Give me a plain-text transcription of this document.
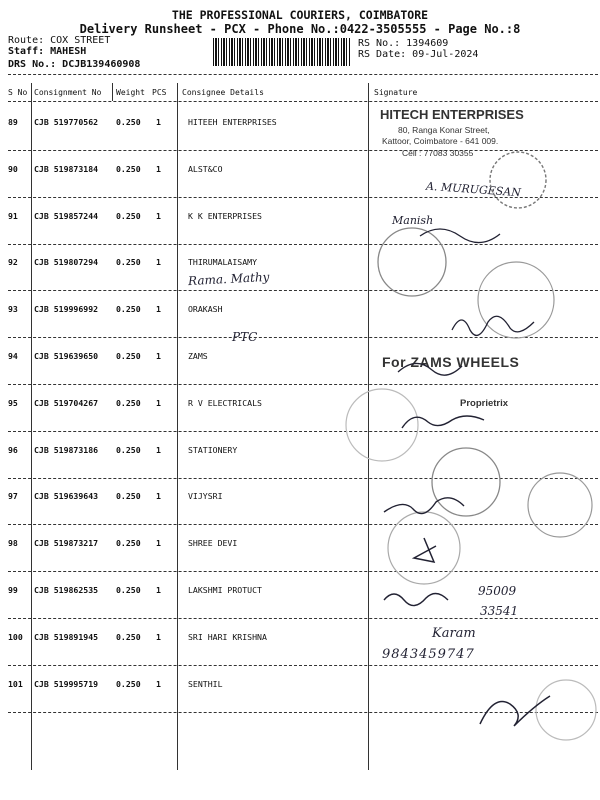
THE PROFESSIONAL COURIERS, COIMBATORE
Delivery Runsheet - PCX - Phone No.:0422-3505555 - Page No.:8
Route: COX STREET
Staff: MAHESH
DRS No.: DCJB139460908
RS No.: 1394609
RS Date: 09-Jul-2024
S No Consignment No Weight PCS Consignee Details	Signature
89 CJB 519770562 0.250 1	HITEEH ENTERPRISES
90 CJB 519873184 0.250 1	ALST&CO
91 CJB 519857244 0.250 1	K K ENTERPRISES
92 CJB 519807294 0.250 1	THIRUMALAISAMY
93 CJB 519996992 0.250 1	ORAKASH
94 CJB 519639650 0.250 1	ZAMS
95 CJB 519704267 0.250 1	R V ELECTRICALS
96 CJB 519873186 0.250 1	STATIONERY
97 CJB 519639643 0.250 1	VIJYSRI
98 CJB 519873217 0.250 1	SHREE DEVI
99 CJB 519862535 0.250 1	LAKSHMI PROTUCT
100 CJB 519891945 0.250 1	SRI HARI KRISHNA
101 CJB 519995719 0.250 1	SENTHIL
HITECH ENTERPRISES
80, Ranga Konar Street,
Kattoor, Coimbatore - 641 009.
Cell : 77083 30355
For ZAMS WHEELS
Proprietrix
A. MURUGESAN
Manish
Rama. Mathy
PTC
95009
33541
Karam
9843459747
